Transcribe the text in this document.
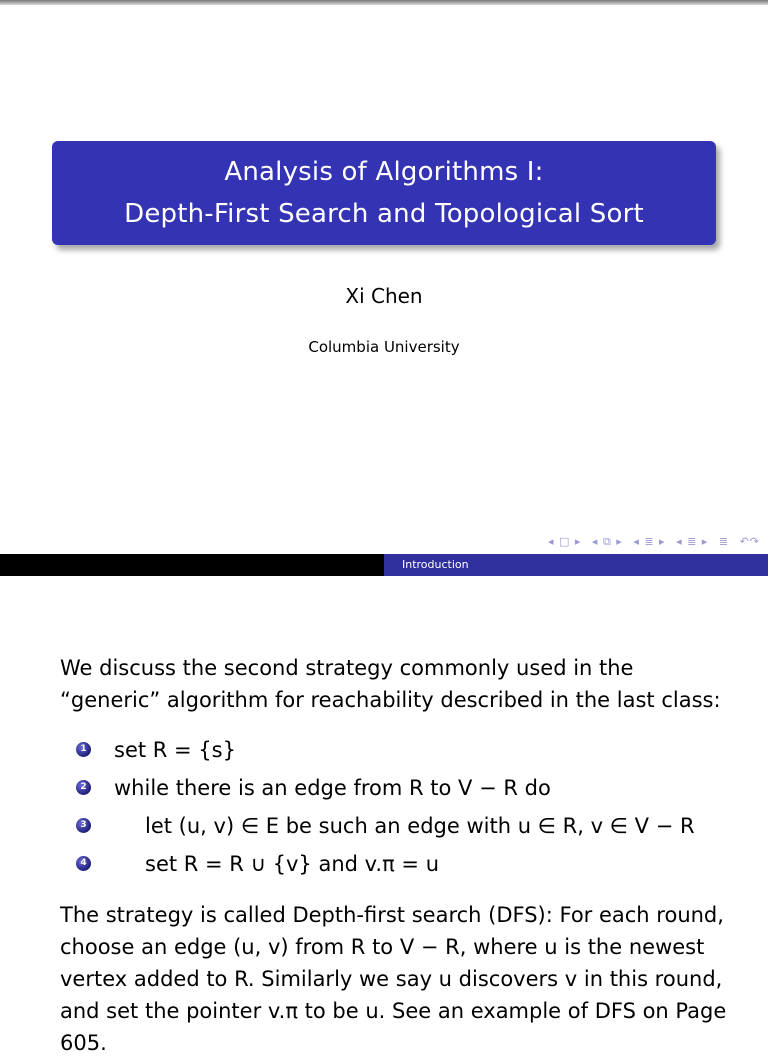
Analysis of Algorithms I:
Depth-First Search and Topological Sort
Xi Chen
Columbia University
◂ □ ▸ ◂ ⧉ ▸ ◂ ≣ ▸ ◂ ≣ ▸ ≣ ↶↷
Introduction
We discuss the second strategy commonly used in the “generic” algorithm for reachability described in the last class:
1 set R = {s}
2 while there is an edge from R to V − R do
3	let (u, v) ∈ E be such an edge with u ∈ R, v ∈ V − R
4	set R = R ∪ {v} and v.π = u
The strategy is called Depth-first search (DFS): For each round, choose an edge (u, v) from R to V − R, where u is the newest vertex added to R. Similarly we say u discovers v in this round, and set the pointer v.π to be u. See an example of DFS on Page 605.
